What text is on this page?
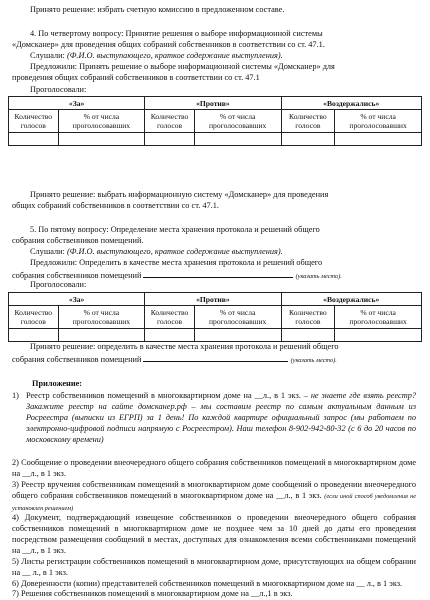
Принято решение: избрать счетную комиссию в предложенном составе.
4. По четвертому вопросу: Принятие решения о выборе информационной системы
«Домсканер» для проведения общих собраний собственников в соответствии со ст. 47.1.
Слушали: (Ф.И.О. выступающего, краткое содержание выступления).
Предложили: Принять решение о выборе информационной системы «Домсканер» для
проведения общих собраний собственников в соответствии со ст. 47.1
Проголосовали:
«За»		«Против»		«Воздержались»	
Количество голосов	% от числа проголосовавших	Количество голосов	% от числа проголосовавших	Количество голосов	% от числа проголосовавших

Принято решение: выбрать информационную систему «Домсканер» для проведения
общих собраний собственников в соответствии со ст. 47.1.
5. По пятому вопросу: Определение места хранения протокола и решений общего
собрания собственников помещений.
Слушали: (Ф.И.О. выступающего, краткое содержание выступления).
Предложили: Определить в качестве места хранения протокола и решений общего
собрания собственников помещений	(указать место).
Проголосовали:
«За»		«Против»		«Воздержались»	
Количество голосов	% от числа проголосовавших	Количество голосов	% от числа проголосовавших	Количество голосов	% от числа проголосовавших

Принято решение: определить в качестве места хранения протокола и решений общего
собрания собственников помещений	(указать место).
Приложение:
1) Реестр собственников помещений в многоквартирном доме на __л., в 1 экз. – не знаете где взять реестр? Закажите реестр на сайте домсканер.рф – мы составим реестр по самым актуальным данным из Росреестра (выписки из ЕГРП) за 1 день! По каждой квартире официальный запрос (мы работаем по электронно-цифровой подписи напрямую с Росреестром). Наш телефон 8-902-942-80-32 (с 6 до 20 часов по московскому времени)
2) Сообщение о проведении внеочередного общего собрания собственников помещений в многоквартирном доме на __л., в 1 экз.
3) Реестр вручения собственникам помещений в многоквартирном доме сообщений о проведении внеочередного общего собрания собственников помещений в многоквартирном доме на __л., в 1 экз. (если иной способ уведомления не установлен решением)
4) Документ, подтверждающий извещение собственников о проведении внеочередного общего собрания собственников помещений в многоквартирном доме не позднее чем за 10 дней до даты его проведения посредством размещения сообщений в местах, доступных для ознакомления всеми собственниками помещений на __л., в 1 экз.
5) Листы регистрации собственников помещений в многоквартирном доме, присутствующих на общем собрании на __ л., в 1 экз.
6) Доверенности (копии) представителей собственников помещений в многоквартирном доме на __ л., в 1 экз.
7) Решения собственников помещений в многоквартирном доме на __л.,1 в экз.
